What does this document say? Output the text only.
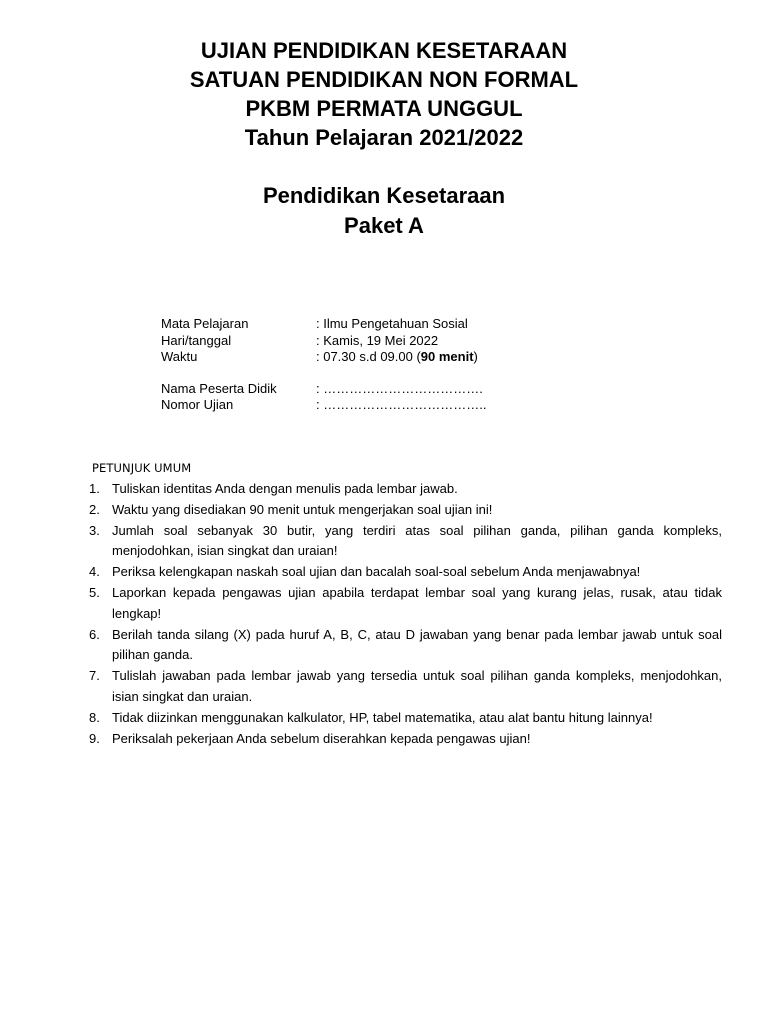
UJIAN PENDIDIKAN KESETARAAN
SATUAN PENDIDIKAN NON FORMAL
PKBM PERMATA UNGGUL
Tahun Pelajaran 2021/2022
Pendidikan Kesetaraan
Paket A
Mata Pelajaran	: Ilmu Pengetahuan Sosial
Hari/tanggal	: Kamis, 19 Mei 2022
Waktu	: 07.30 s.d 09.00 (90 menit)
Nama Peserta Didik	: ……………………………….
Nomor Ujian	: ………………………………..
PETUNJUK UMUM
1. Tuliskan identitas Anda dengan menulis pada lembar jawab.
2. Waktu yang disediakan 90 menit untuk mengerjakan soal ujian ini!
3. Jumlah soal sebanyak 30 butir, yang terdiri atas soal pilihan ganda, pilihan ganda kompleks, menjodohkan, isian singkat dan uraian!
4. Periksa kelengkapan naskah soal ujian dan bacalah soal-soal sebelum Anda menjawabnya!
5. Laporkan kepada pengawas ujian apabila terdapat lembar soal yang kurang jelas, rusak, atau tidak lengkap!
6. Berilah tanda silang (X) pada huruf A, B, C, atau D jawaban yang benar pada lembar jawab untuk soal pilihan ganda.
7. Tulislah jawaban pada lembar jawab yang tersedia untuk soal pilihan ganda kompleks, menjodohkan, isian singkat dan uraian.
8. Tidak diizinkan menggunakan kalkulator, HP, tabel matematika, atau alat bantu hitung lainnya!
9. Periksalah pekerjaan Anda sebelum diserahkan kepada pengawas ujian!
